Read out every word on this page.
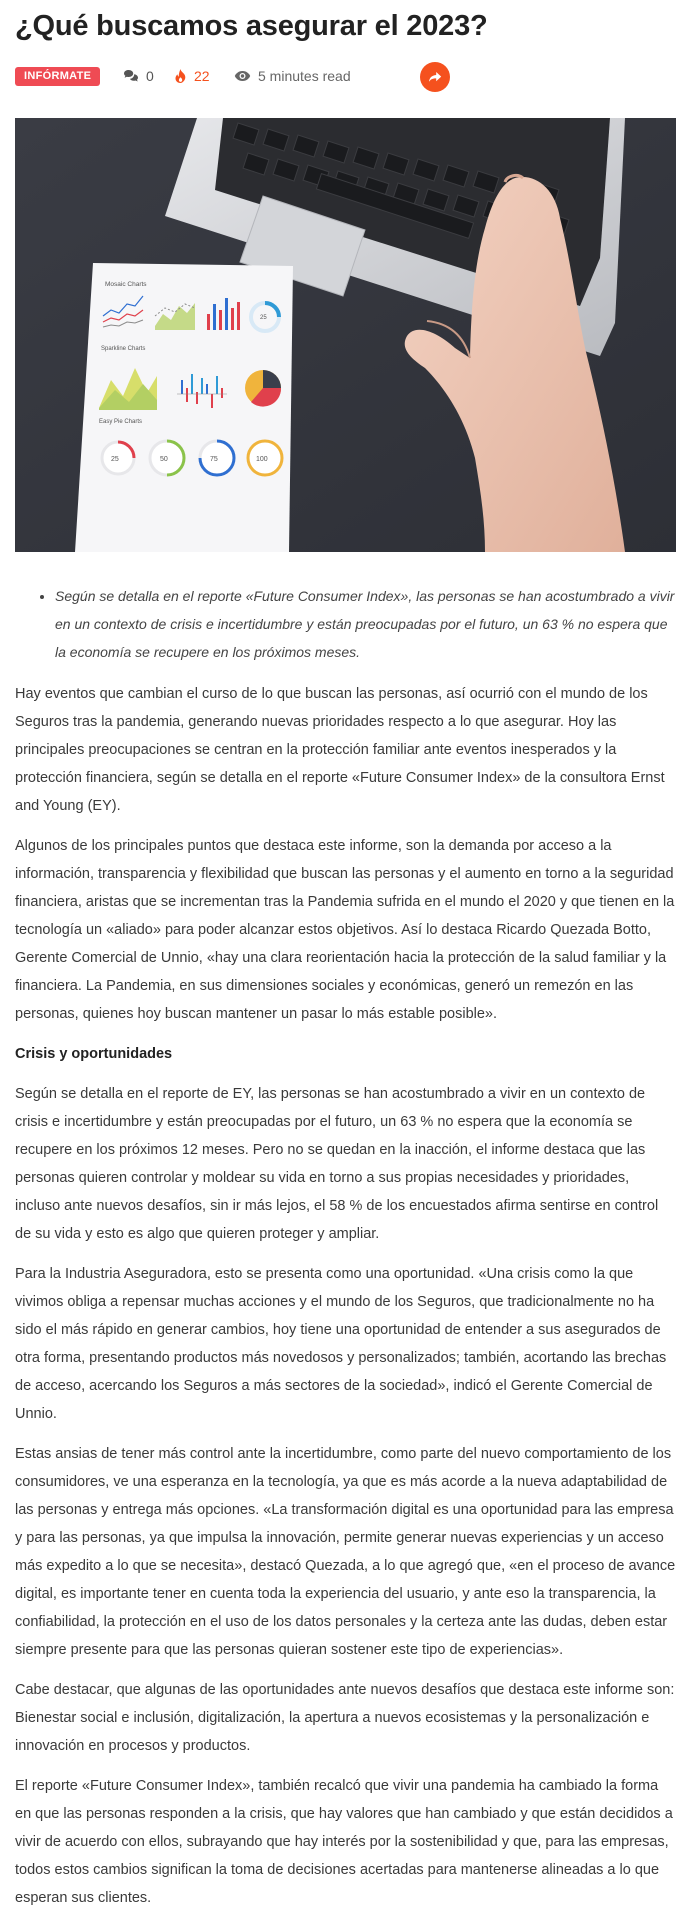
¿Qué buscamos asegurar el 2023?
INFÓRMATE	0	22	5 minutes read
Mosaic Charts
25
Sparkline Charts
Easy Pie Charts
25	50	75	100
• Según se detalla en el reporte «Future Consumer Index», las personas se han acostumbrado a vivir en un contexto de crisis e incertidumbre y están preocupadas por el futuro, un 63 % no espera que la economía se recupere en los próximos meses.

Hay eventos que cambian el curso de lo que buscan las personas, así ocurrió con el mundo de los Seguros tras la pandemia, generando nuevas prioridades respecto a lo que asegurar. Hoy las principales preocupaciones se centran en la protección familiar ante eventos inesperados y la protección financiera, según se detalla en el reporte «Future Consumer Index» de la consultora Ernst and Young (EY).

Algunos de los principales puntos que destaca este informe, son la demanda por acceso a la información, transparencia y flexibilidad que buscan las personas y el aumento en torno a la seguridad financiera, aristas que se incrementan tras la Pandemia sufrida en el mundo el 2020 y que tienen en la tecnología un «aliado» para poder alcanzar estos objetivos. Así lo destaca Ricardo Quezada Botto, Gerente Comercial de Unnio, «hay una clara reorientación hacia la protección de la salud familiar y la financiera. La Pandemia, en sus dimensiones sociales y económicas, generó un remezón en las personas, quienes hoy buscan mantener un pasar lo más estable posible».

Crisis y oportunidades

Según se detalla en el reporte de EY, las personas se han acostumbrado a vivir en un contexto de crisis e incertidumbre y están preocupadas por el futuro, un 63 % no espera que la economía se recupere en los próximos 12 meses. Pero no se quedan en la inacción, el informe destaca que las personas quieren controlar y moldear su vida en torno a sus propias necesidades y prioridades, incluso ante nuevos desafíos, sin ir más lejos, el 58 % de los encuestados afirma sentirse en control de su vida y esto es algo que quieren proteger y ampliar.

Para la Industria Aseguradora, esto se presenta como una oportunidad. «Una crisis como la que vivimos obliga a repensar muchas acciones y el mundo de los Seguros, que tradicionalmente no ha sido el más rápido en generar cambios, hoy tiene una oportunidad de entender a sus asegurados de otra forma, presentando productos más novedosos y personalizados; también, acortando las brechas de acceso, acercando los Seguros a más sectores de la sociedad», indicó el Gerente Comercial de Unnio.

Estas ansias de tener más control ante la incertidumbre, como parte del nuevo comportamiento de los consumidores, ve una esperanza en la tecnología, ya que es más acorde a la nueva adaptabilidad de las personas y entrega más opciones. «La transformación digital es una oportunidad para las empresa y para las personas, ya que impulsa la innovación, permite generar nuevas experiencias y un acceso más expedito a lo que se necesita», destacó Quezada, a lo que agregó que, «en el proceso de avance digital, es importante tener en cuenta toda la experiencia del usuario, y ante eso la transparencia, la confiabilidad, la protección en el uso de los datos personales y la certeza ante las dudas, deben estar siempre presente para que las personas quieran sostener este tipo de experiencias».

Cabe destacar, que algunas de las oportunidades ante nuevos desafíos que destaca este informe son: Bienestar social e inclusión, digitalización, la apertura a nuevos ecosistemas y la personalización e innovación en procesos y productos.

El reporte «Future Consumer Index», también recalcó que vivir una pandemia ha cambiado la forma en que las personas responden a la crisis, que hay valores que han cambiado y que están decididos a vivir de acuerdo con ellos, subrayando que hay interés por la sostenibilidad y que, para las empresas, todos estos cambios significan la toma de decisiones acertadas para mantenerse alineadas a lo que esperan sus clientes.
